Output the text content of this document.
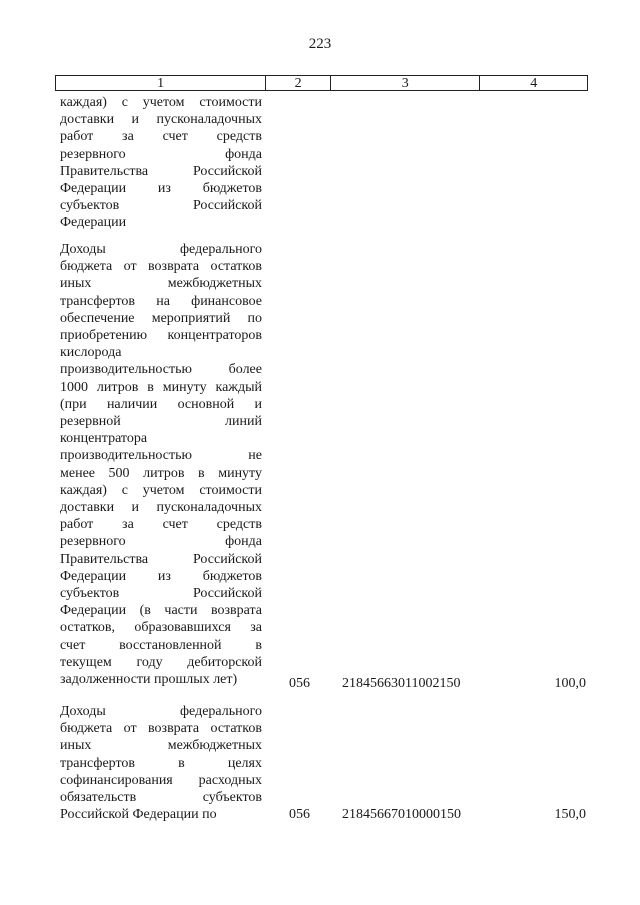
223
1	2	3	4
каждая) с учетом стоимости
доставки и пусконаладочных
работ за счет средств
резервного фонда
Правительства Российской
Федерации из бюджетов
субъектов Российской
Федерации
Доходы федерального
бюджета от возврата остатков
иных межбюджетных
трансфертов на финансовое
обеспечение мероприятий по
приобретению концентраторов
кислорода
производительностью более
1000 литров в минуту каждый
(при наличии основной и
резервной линий
концентратора
производительностью не
менее 500 литров в минуту
каждая) с учетом стоимости
доставки и пусконаладочных
работ за счет средств
резервного фонда
Правительства Российской
Федерации из бюджетов
субъектов Российской
Федерации (в части возврата
остатков, образовавшихся за
счет восстановленной в
текущем году дебиторской
задолженности прошлых лет)	056 21845663011002150	100,0
Доходы федерального
бюджета от возврата остатков
иных межбюджетных
трансфертов в целях
софинансирования расходных
обязательств субъектов
Российской Федерации по	056 21845667010000150	150,0
